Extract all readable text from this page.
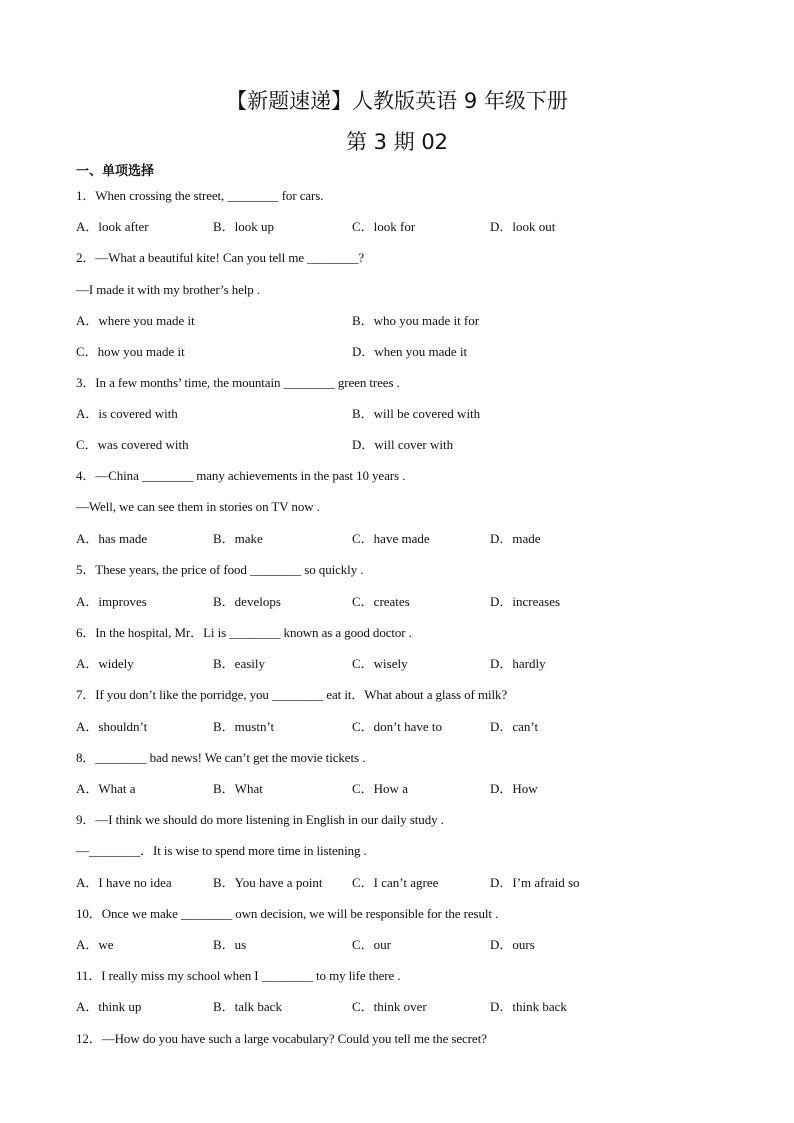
【新题速递】人教版英语 9 年级下册
第 3 期 02
一、单项选择
1．When crossing the street, ________ for cars.
A．look after	B．look up	C．look for	D．look out
2．—What a beautiful kite! Can you tell me ________?
—I made it with my brother’s help .
A．where you made it	B．who you made it for
C．how you made it	D．when you made it
3．In a few months’ time, the mountain ________ green trees .
A．is covered with	B．will be covered with
C．was covered with	D．will cover with
4．—China ________ many achievements in the past 10 years .
—Well, we can see them in stories on TV now .
A．has made	B．make	C．have made	D．made
5．These years, the price of food ________ so quickly .
A．improves	B．develops	C．creates	D．increases
6．In the hospital, Mr．Li is ________ known as a good doctor .
A．widely	B．easily	C．wisely	D．hardly
7．If you don’t like the porridge, you ________ eat it．What about a glass of milk?
A．shouldn’t	B．mustn’t	C．don’t have to	D．can’t
8．________ bad news! We can’t get the movie tickets .
A．What a	B．What	C．How a	D．How
9．—I think we should do more listening in English in our daily study .
—________．It is wise to spend more time in listening .
A．I have no idea	B．You have a point C．I can’t agree	D．I’m afraid so
10．Once we make ________ own decision, we will be responsible for the result .
A．we	B．us	C．our	D．ours
11．I really miss my school when I ________ to my life there .
A．think up	B．talk back	C．think over	D．think back
12．—How do you have such a large vocabulary? Could you tell me the secret?
